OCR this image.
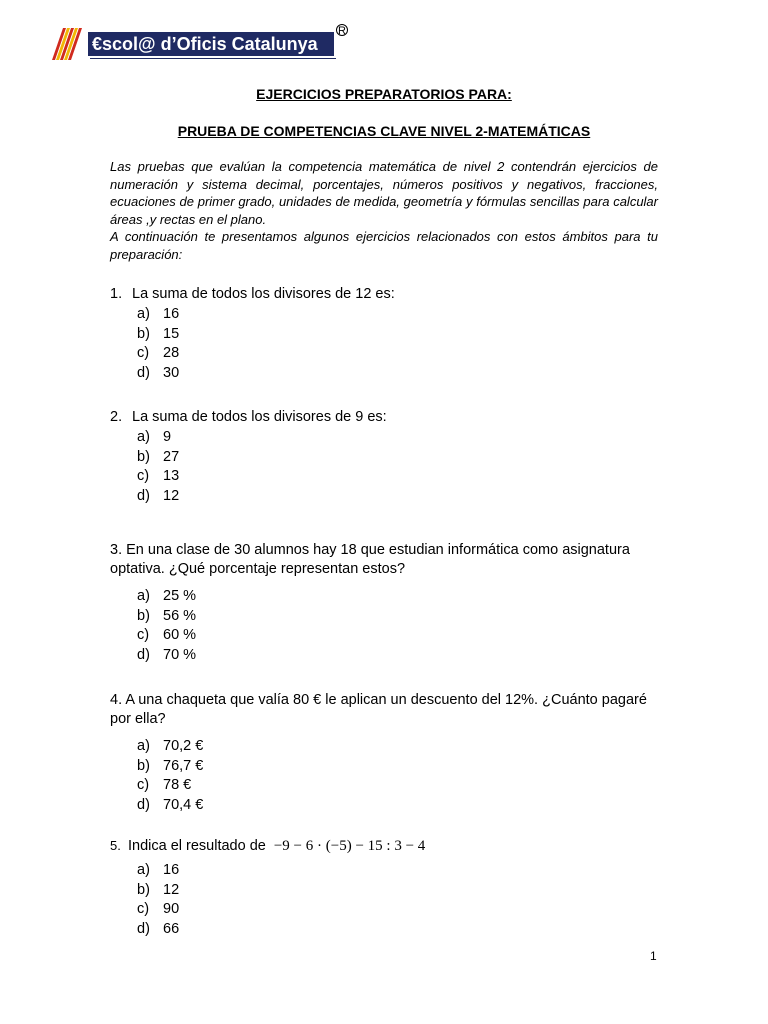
€scol@ d’Oficis Catalunya
R
EJERCICIOS PREPARATORIOS PARA:
PRUEBA DE COMPETENCIAS CLAVE NIVEL 2-MATEMÁTICAS

Las pruebas que evalúan la competencia matemática de nivel 2 contendrán ejercicios de numeración y sistema decimal, porcentajes, números positivos y negativos, fracciones, ecuaciones de primer grado, unidades de medida, geometría y fórmulas sencillas para calcular áreas ,y rectas en el plano.

A continuación te presentamos algunos ejercicios relacionados con estos ámbitos para tu preparación:

1. La suma de todos los divisores de 12 es:
a) 16
b) 15
c) 28
d) 30
2. La suma de todos los divisores de 9 es:
a) 9
b) 27
c) 13
d) 12
3. En una clase de 30 alumnos hay 18 que estudian informática como asignatura optativa. ¿Qué porcentaje representan estos?
a) 25 %
b) 56 %
c) 60 %
d) 70 %
4. A una chaqueta que valía 80 € le aplican un descuento del 12%. ¿Cuánto pagaré por ella?
a) 70,2 €
b) 76,7 €
c) 78 €
d) 70,4 €
5. Indica el resultado de −9 − 6 · (−5) − 15 : 3 − 4
a) 16
b) 12
c) 90
d) 66
1
